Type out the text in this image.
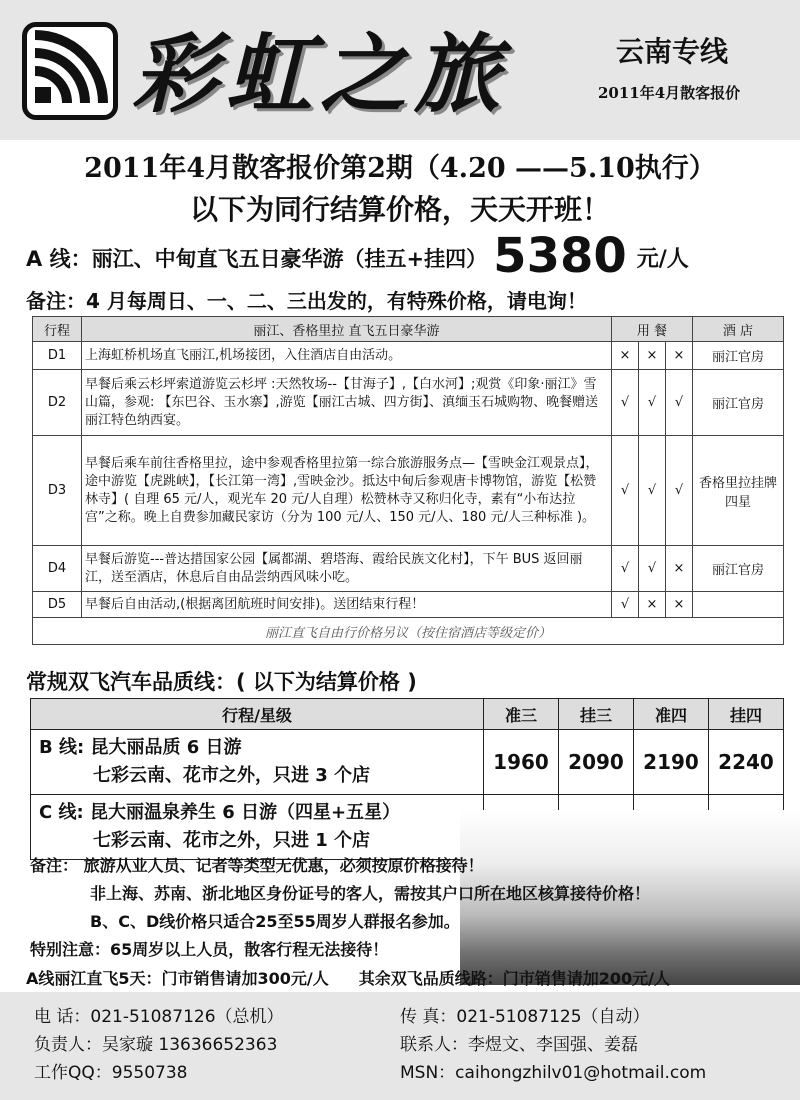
彩虹之旅	云南专线
2011年4月散客报价
2011年4月散客报价第2期（4.20 ——5.10执行）
以下为同行结算价格，天天开班！
A 线：丽江、中甸直飞五日豪华游（挂五+挂四） 5380 元/人
备注：4 月每周日、一、二、三出发的，有特殊价格，请电询！
行程	丽江、香格里拉 直飞五日豪华游	用 餐			酒 店
D1	上海虹桥机场直飞丽江,机场接团，入住酒店自由活动。	×	×	×	丽江官房
D2	早餐后乘云杉坪索道游览云杉坪 :天然牧场--【甘海子】,【白水河】;观赏《印象·丽江》雪山篇，参观: 【东巴谷、玉水寨】,游览【丽江古城、四方街】、滇缅玉石城购物、晚餐赠送丽江特色纳西宴。	√	√	√	丽江官房
D3	早餐后乘车前往香格里拉，途中参观香格里拉第一综合旅游服务点—【雪映金江观景点】，途中游览【虎跳峡】，【长江第一湾】,雪映金沙。抵达中甸后参观唐卡博物馆，游览【松赞林寺】( 自理 65 元/人，观光车 20 元/人自理）松赞林寺又称归化寺，素有“小布达拉宫”之称。晚上自费参加藏民家访（分为 100 元/人、150 元/人、180 元/人三种标准 )。	√	√	√	香格里拉挂牌四星
D4	早餐后游览---普达措国家公园【属都湖、碧塔海、霞给民族文化村】，下午 BUS 返回丽江，送至酒店，休息后自由品尝纳西风味小吃。	√	√	×	丽江官房
D5	早餐后自由活动,(根据离团航班时间安排)。送团结束行程！	√	×	×	
丽江直飞自由行价格另议（按住宿酒店等级定价）					
常规双飞汽车品质线：( 以下为结算价格 )
行程/星级	准三	挂三	准四	挂四
B 线: 昆大丽品质 6 日游
七彩云南、花市之外，只进 3 个店	1960	2090	2190	2240
C 线: 昆大丽温泉养生 6 日游（四星+五星）
七彩云南、花市之外，只进 1 个店

备注： 旅游从业人员、记者等类型无优惠，必须按原价格接待！
非上海、苏南、浙北地区身份证号的客人，需按其户口所在地区核算接待价格！
B、C、D线价格只适合25至55周岁人群报名参加。
特别注意：65周岁以上人员，散客行程无法接待！
A线丽江直飞5天：门市销售请加300元/人 其余双飞品质线路：门市销售请加200元/人
电 话：021-51087126（总机）	传 真：021-51087125（自动）
负责人：吴家璇 13636652363	联系人：李煜文、李国强、姜磊
工作QQ：9550738	MSN：caihongzhilv01@hotmail.com
